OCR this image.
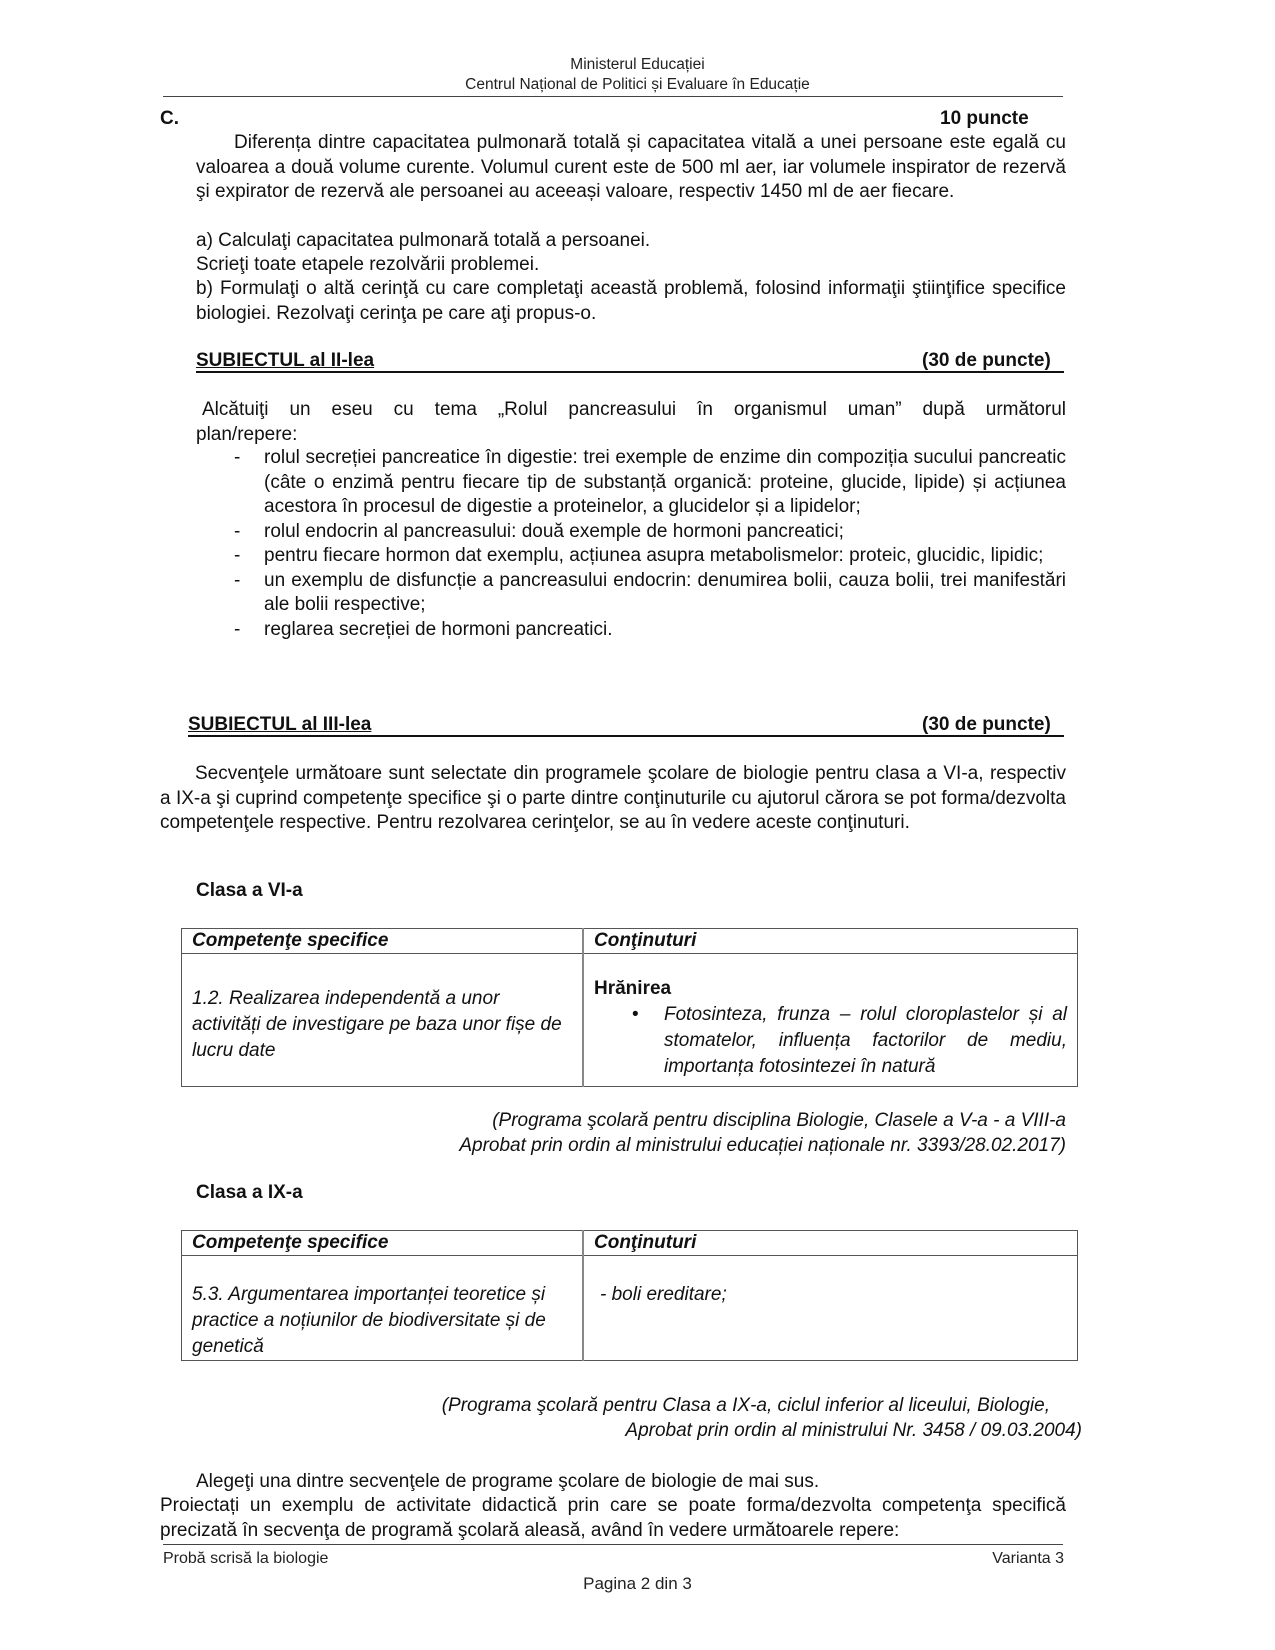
Ministerul Educației
Centrul Național de Politici și Evaluare în Educație
C.	10 puncte
Diferența dintre capacitatea pulmonară totală și capacitatea vitală a unei persoane este egală cu valoarea a două volume curente. Volumul curent este de 500 ml aer, iar volumele inspirator de rezervă şi expirator de rezervă ale persoanei au aceeași valoare, respectiv 1450 ml de aer fiecare.
a) Calculaţi capacitatea pulmonară totală a persoanei.
Scrieţi toate etapele rezolvării problemei.
b) Formulaţi o altă cerinţă cu care completaţi această problemă, folosind informaţii ştiinţifice specifice biologiei. Rezolvaţi cerinţa pe care aţi propus-o.
SUBIECTUL al II-lea	(30 de puncte)
Alcătuiţi un eseu cu tema „Rolul pancreasului în organismul uman” după următorul plan/repere:
- rolul secreției pancreatice în digestie: trei exemple de enzime din compoziția sucului pancreatic (câte o enzimă pentru fiecare tip de substanță organică: proteine, glucide, lipide) și acțiunea acestora în procesul de digestie a proteinelor, a glucidelor și a lipidelor;
- rolul endocrin al pancreasului: două exemple de hormoni pancreatici;
- pentru fiecare hormon dat exemplu, acțiunea asupra metabolismelor: proteic, glucidic, lipidic;
- un exemplu de disfuncție a pancreasului endocrin: denumirea bolii, cauza bolii, trei manifestări ale bolii respective;
- reglarea secreției de hormoni pancreatici.
SUBIECTUL al III-lea	(30 de puncte)
Secvenţele următoare sunt selectate din programele şcolare de biologie pentru clasa a VI-a, respectiv a IX-a şi cuprind competenţe specifice şi o parte dintre conţinuturile cu ajutorul cărora se pot forma/dezvolta competenţele respective. Pentru rezolvarea cerinţelor, se au în vedere aceste conţinuturi.
Clasa a VI-a
Competenţe specifice	Conţinuturi
1.2. Realizarea independentă a unor activități de investigare pe baza unor fișe de lucru date	Hrănirea
• Fotosinteza, frunza – rolul cloroplastelor și al stomatelor, influența factorilor de mediu, importanța fotosintezei în natură
(Programa şcolară pentru disciplina Biologie, Clasele a V-a - a VIII-a
Aprobat prin ordin al ministrului educației naționale nr. 3393/28.02.2017)
Clasa a IX-a
Competenţe specifice	Conţinuturi
5.3. Argumentarea importanței teoretice și practice a noțiunilor de biodiversitate și de genetică	- boli ereditare;
(Programa şcolară pentru Clasa a IX-a, ciclul inferior al liceului, Biologie,
Aprobat prin ordin al ministrului Nr. 3458 / 09.03.2004)
Alegeţi una dintre secvenţele de programe şcolare de biologie de mai sus.
Proiectați un exemplu de activitate didactică prin care se poate forma/dezvolta competenţa specifică precizată în secvenţa de programă şcolară aleasă, având în vedere următoarele repere:
Probă scrisă la biologie	Varianta 3
Pagina 2 din 3
